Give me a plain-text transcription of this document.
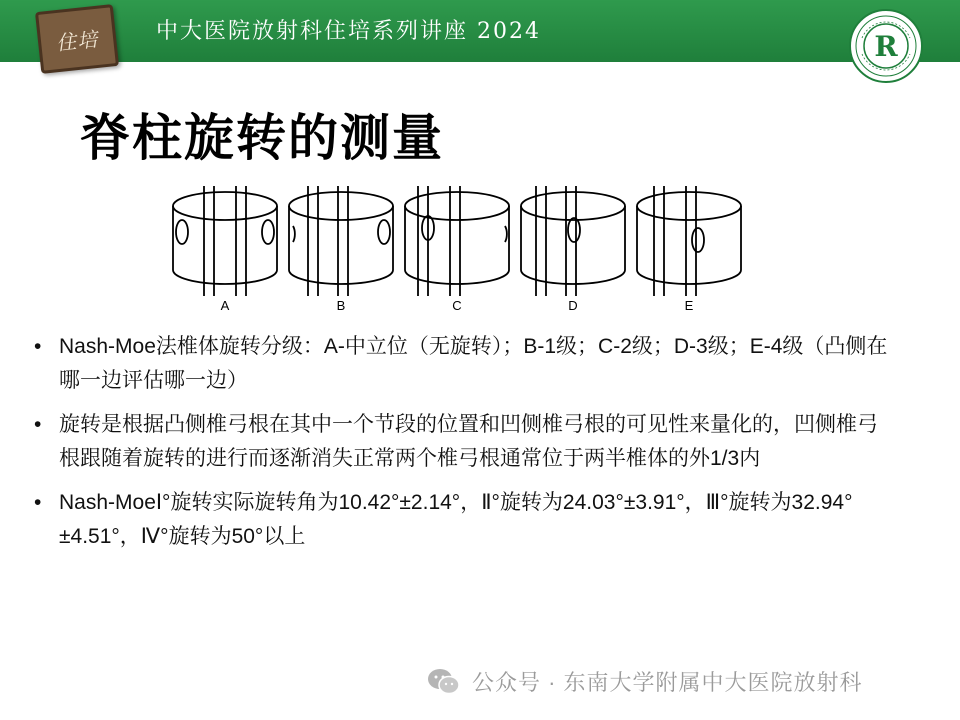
住培	中大医院放射科住培系列讲座 2024	R
脊柱旋转的测量
A	B	C	D	E
• Nash-Moe法椎体旋转分级：A-中立位（无旋转）；B-1级；C-2级；D-3级；E-4级（凸侧在哪一边评估哪一边）
• 旋转是根据凸侧椎弓根在其中一个节段的位置和凹侧椎弓根的可见性来量化的，凹侧椎弓根跟随着旋转的进行而逐渐消失正常两个椎弓根通常位于两半椎体的外1/3内
• Nash-MoeⅠ°旋转实际旋转角为10.42°±2.14°，Ⅱ°旋转为24.03°±3.91°，Ⅲ°旋转为32.94°±4.51°，Ⅳ°旋转为50°以上
公众号 · 东南大学附属中大医院放射科
